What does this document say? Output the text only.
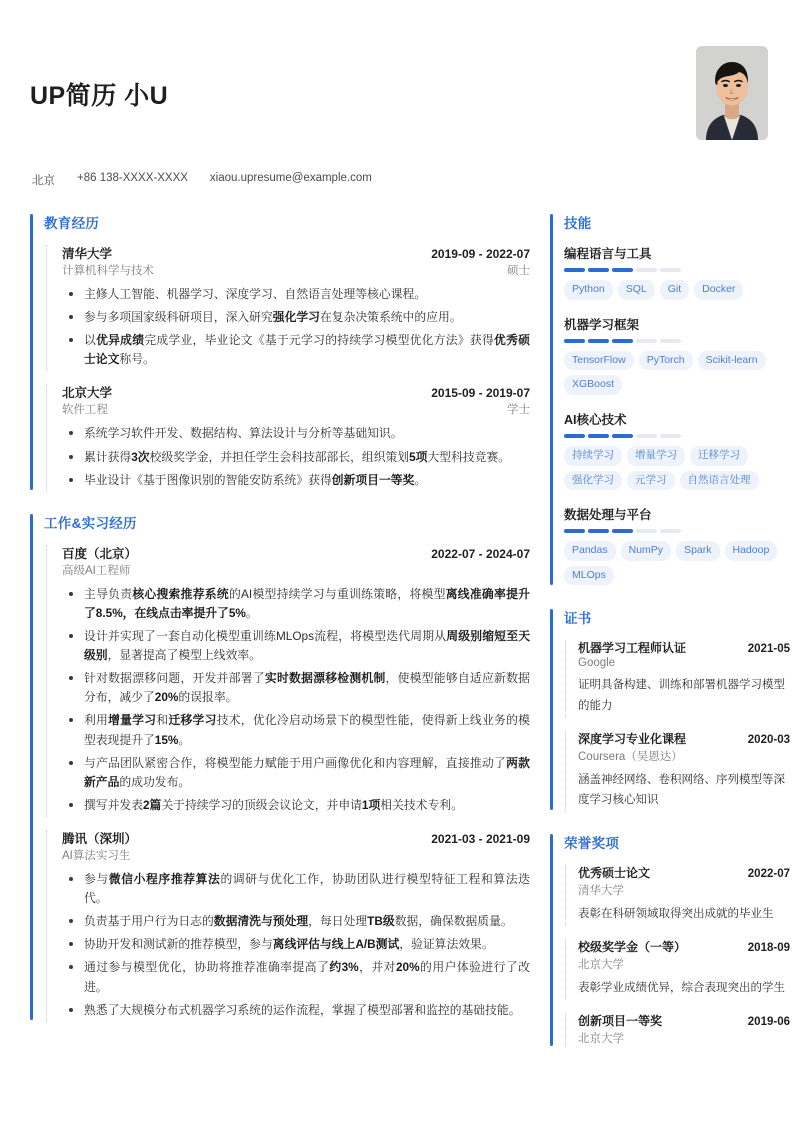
UP简历 小U
北京 +86 138-XXXX-XXXX xiaou.upresume@example.com
教育经历
清华大学	2019-09 - 2022-07
计算机科学与技术	硕士
主修人工智能、机器学习、深度学习、自然语言处理等核心课程。
参与多项国家级科研项目，深入研究强化学习在复杂决策系统中的应用。
以优异成绩完成学业，毕业论文《基于元学习的持续学习模型优化方法》获得优秀硕士论文称号。
北京大学	2015-09 - 2019-07
软件工程	学士
系统学习软件开发、数据结构、算法设计与分析等基础知识。
累计获得3次校级奖学金，并担任学生会科技部部长，组织策划5项大型科技竞赛。
毕业设计《基于图像识别的智能安防系统》获得创新项目一等奖。
工作&实习经历
百度（北京）	2022-07 - 2024-07
高级AI工程师
主导负责核心搜索推荐系统的AI模型持续学习与重训练策略，将模型离线准确率提升了8.5%，在线点击率提升了5%。
设计并实现了一套自动化模型重训练MLOps流程，将模型迭代周期从周级别缩短至天级别，显著提高了模型上线效率。
针对数据漂移问题，开发并部署了实时数据漂移检测机制，使模型能够自适应新数据分布，减少了20%的误报率。
利用增量学习和迁移学习技术，优化冷启动场景下的模型性能，使得新上线业务的模型表现提升了15%。
与产品团队紧密合作，将模型能力赋能于用户画像优化和内容理解，直接推动了两款新产品的成功发布。
撰写并发表2篇关于持续学习的顶级会议论文，并申请1项相关技术专利。
腾讯（深圳）	2021-03 - 2021-09
AI算法实习生
参与微信小程序推荐算法的调研与优化工作，协助团队进行模型特征工程和算法迭代。
负责基于用户行为日志的数据清洗与预处理，每日处理TB级数据，确保数据质量。
协助开发和测试新的推荐模型，参与离线评估与线上A/B测试，验证算法效果。
通过参与模型优化，协助将推荐准确率提高了约3%，并对20%的用户体验进行了改进。
熟悉了大规模分布式机器学习系统的运作流程，掌握了模型部署和监控的基础技能。
技能
编程语言与工具
Python	SQL	Git	Docker
机器学习框架
TensorFlow	PyTorch	Scikit-learn
XGBoost
AI核心技术
持续学习	增量学习	迁移学习
强化学习	元学习	自然语言处理
数据处理与平台
Pandas	NumPy	Spark	Hadoop
MLOps
证书
机器学习工程师认证	2021-05
Google
证明具备构建、训练和部署机器学习模型的能力
深度学习专业化课程	2020-03
Coursera（吴恩达）
涵盖神经网络、卷积网络、序列模型等深度学习核心知识
荣誉奖项
优秀硕士论文	2022-07
清华大学
表彰在科研领域取得突出成就的毕业生
校级奖学金（一等）	2018-09
北京大学
表彰学业成绩优异，综合表现突出的学生
创新项目一等奖	2019-06
北京大学
